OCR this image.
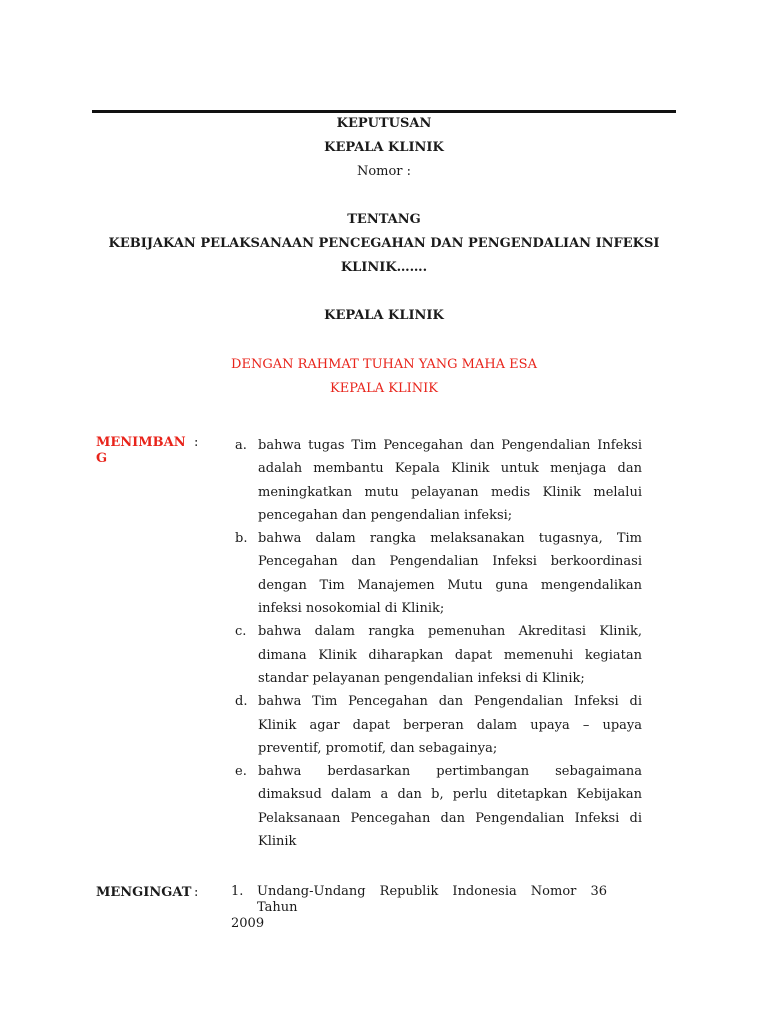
KEPUTUSAN
KEPALA KLINIK
Nomor :
TENTANG
KEBIJAKAN PELAKSANAAN PENCEGAHAN DAN PENGENDALIAN INFEKSI
KLINIK…….
KEPALA KLINIK
DENGAN RAHMAT TUHAN YANG MAHA ESA
KEPALA KLINIK
MENIMBAN
G
:	a. bahwa tugas Tim Pencegahan dan Pengendalian Infeksi adalah membantu Kepala Klinik untuk menjaga dan meningkatkan mutu pelayanan medis Klinik melalui pencegahan dan pengendalian infeksi;
b. bahwa dalam rangka melaksanakan tugasnya, Tim Pencegahan dan Pengendalian Infeksi berkoordinasi dengan Tim Manajemen Mutu guna mengendalikan infeksi nosokomial di Klinik;
c. bahwa dalam rangka pemenuhan Akreditasi Klinik, dimana Klinik diharapkan dapat memenuhi kegiatan standar pelayanan pengendalian infeksi di Klinik;
d. bahwa Tim Pencegahan dan Pengendalian Infeksi di Klinik agar dapat berperan dalam upaya – upaya preventif, promotif, dan sebagainya;
e. bahwa berdasarkan pertimbangan sebagaimana dimaksud dalam a dan b, perlu ditetapkan Kebijakan Pelaksanaan Pencegahan dan Pengendalian Infeksi di Klinik
MENGINGAT :	1.	Undang-Undang Republik Indonesia Nomor 36 Tahun
2009
